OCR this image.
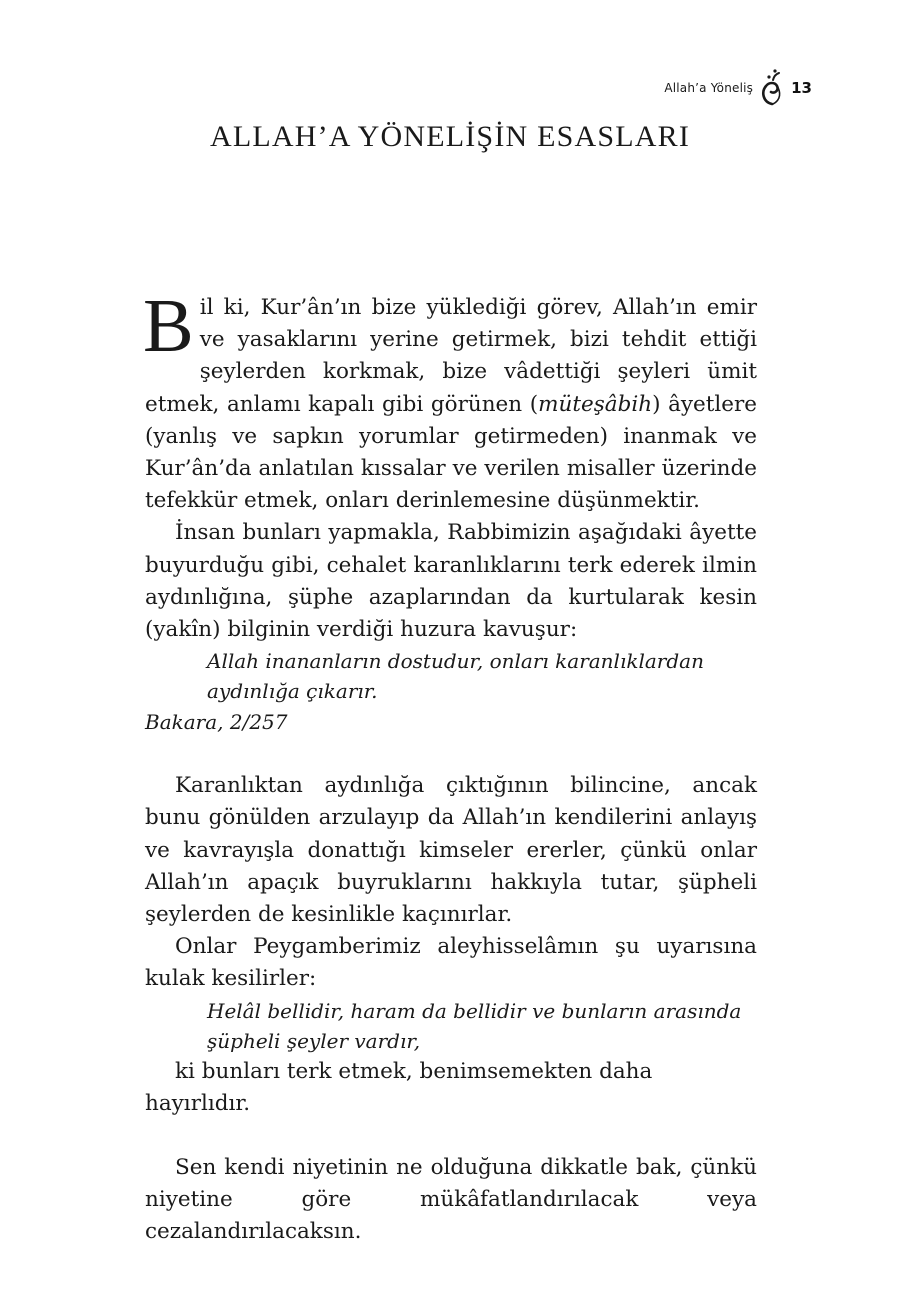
Allah’a Yöneliş	13
ALLAH’A YÖNELİŞİN ESASLARI

Bil ki, Kur’ân’ın bize yüklediği görev, Allah’ın emir ve yasaklarını yerine getirmek, bizi tehdit ettiği şeylerden korkmak, bize vâdettiği şeyleri ümit etmek, anlamı kapalı gibi görünen (müteşâbih) âyetlere (yanlış ve sapkın yorumlar getirmeden) inanmak ve Kur’ân’da anlatılan kıssalar ve verilen misaller üzerinde tefekkür etmek, onları derinlemesine düşünmektir.

İnsan bunları yapmakla, Rabbimizin aşağıdaki âyette buyurduğu gibi, cehalet karanlıklarını terk ederek ilmin aydınlığına, şüphe azaplarından da kurtularak kesin (yakîn) bilginin verdiği huzura kavuşur:

Allah inananların dostudur, onları karanlıklardan
aydınlığa çıkarır.

Bakara, 2/257

Karanlıktan aydınlığa çıktığının bilincine, ancak bunu gönülden arzulayıp da Allah’ın kendilerini anlayış ve kavrayışla donattığı kimseler ererler, çünkü onlar Allah’ın apaçık buyruklarını hakkıyla tutar, şüpheli şeylerden de kesinlikle kaçınırlar.

Onlar Peygamberimiz aleyhisselâmın şu uyarısına kulak kesilirler:

Helâl bellidir, haram da bellidir ve bunların arasında
şüpheli şeyler vardır,

ki bunları terk etmek, benimsemekten daha hayırlıdır.

Sen kendi niyetinin ne olduğuna dikkatle bak, çünkü niyetine göre mükâfatlandırılacak veya cezalandırılacaksın.
